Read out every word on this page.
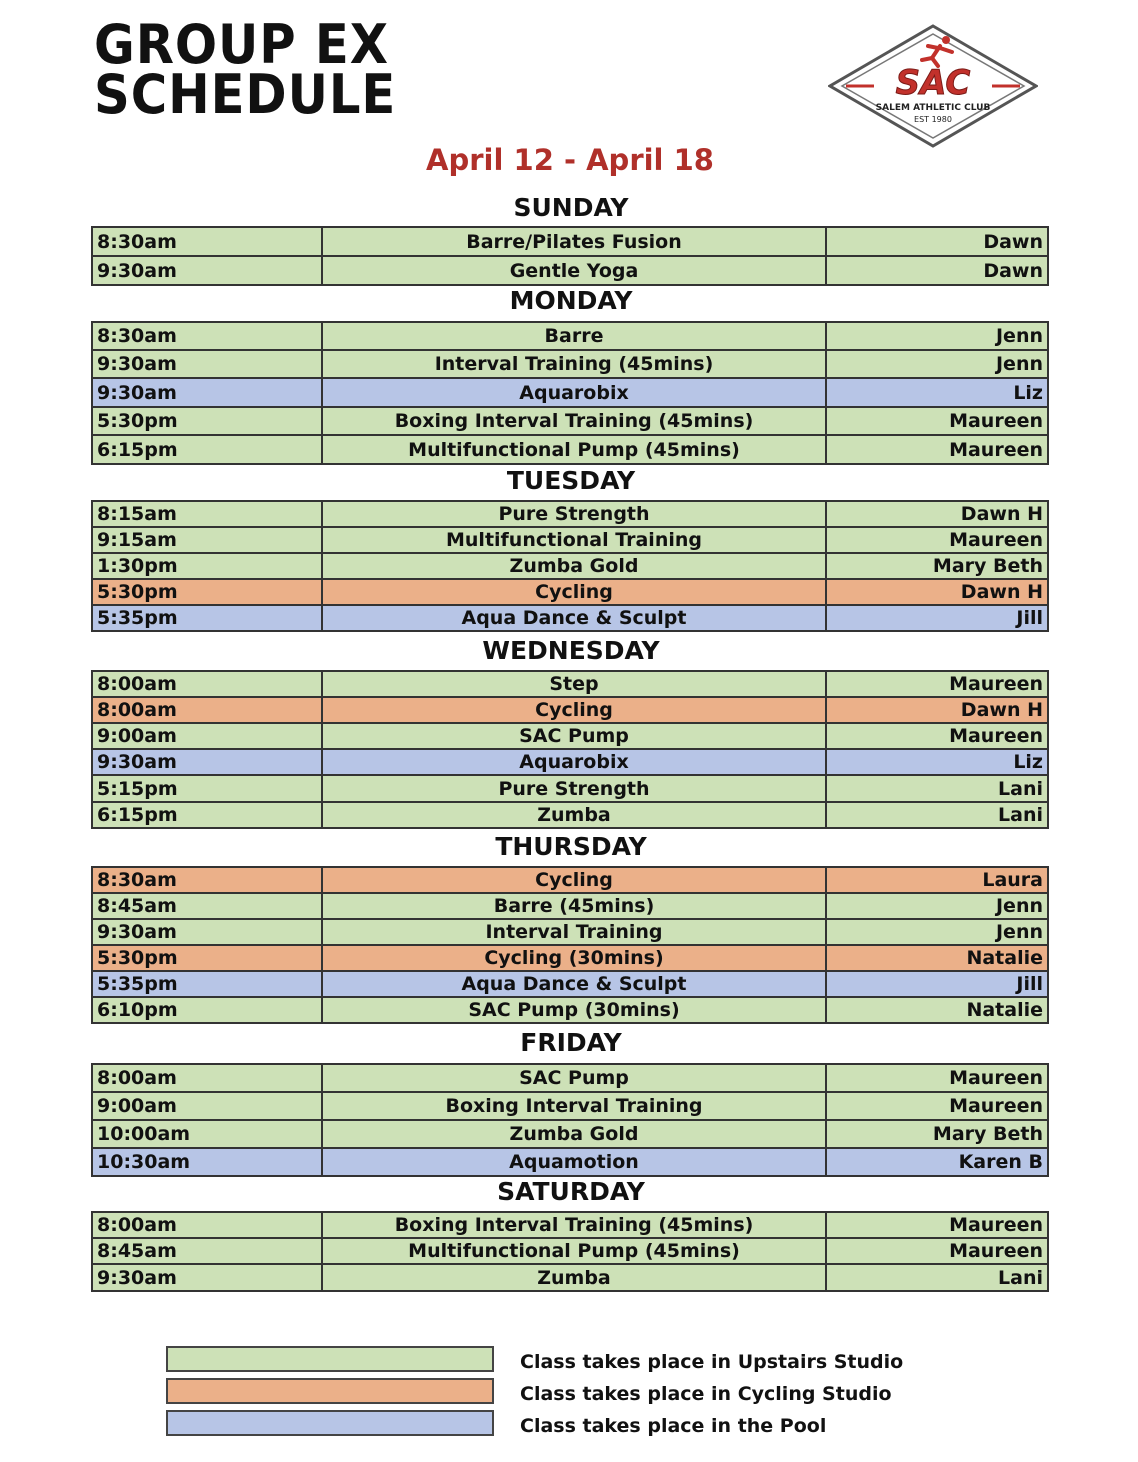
GROUP EX
SCHEDULE	SAC
SALEM ATHLETIC CLUB
EST 1980
April 12 - April 18
SUNDAY
8:30am	Barre/Pilates Fusion	Dawn
9:30am	Gentle Yoga	Dawn
MONDAY
8:30am	Barre	Jenn
9:30am	Interval Training (45mins)	Jenn
9:30am	Aquarobix	Liz
5:30pm	Boxing Interval Training (45mins)	Maureen
6:15pm	Multifunctional Pump (45mins)	Maureen
TUESDAY
8:15am	Pure Strength	Dawn H
9:15am	Multifunctional Training	Maureen
1:30pm	Zumba Gold	Mary Beth
5:30pm	Cycling	Dawn H
5:35pm	Aqua Dance & Sculpt	Jill
WEDNESDAY
8:00am	Step	Maureen
8:00am	Cycling	Dawn H
9:00am	SAC Pump	Maureen
9:30am	Aquarobix	Liz
5:15pm	Pure Strength	Lani
6:15pm	Zumba	Lani
THURSDAY
8:30am	Cycling	Laura
8:45am	Barre (45mins)	Jenn
9:30am	Interval Training	Jenn
5:30pm	Cycling (30mins)	Natalie
5:35pm	Aqua Dance & Sculpt	Jill
6:10pm	SAC Pump (30mins)	Natalie
FRIDAY
8:00am	SAC Pump	Maureen
9:00am	Boxing Interval Training	Maureen
10:00am	Zumba Gold	Mary Beth
10:30am	Aquamotion	Karen B
SATURDAY
8:00am	Boxing Interval Training (45mins)	Maureen
8:45am	Multifunctional Pump (45mins)	Maureen
9:30am	Zumba	Lani
Class takes place in Upstairs Studio
Class takes place in Cycling Studio
Class takes place in the Pool
